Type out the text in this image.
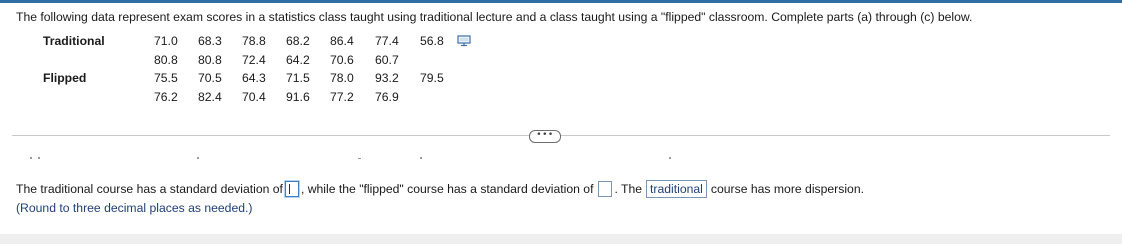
The following data represent exam scores in a statistics class taught using traditional lecture and a class taught using a "flipped" classroom. Complete parts (a) through (c) below.
Traditional	71.0 68.3 78.8 68.2 86.4 77.4 56.8
80.8 80.8 72.4 64.2 70.6 60.7
Flipped	75.5 70.5 64.3 71.5 78.0 93.2 79.5
76.2 82.4 70.4 91.6 77.2 76.9
•••
The traditional course has a standard deviation of , while the "flipped" course has a standard deviation of . The traditional course has more dispersion.
(Round to three decimal places as needed.)
